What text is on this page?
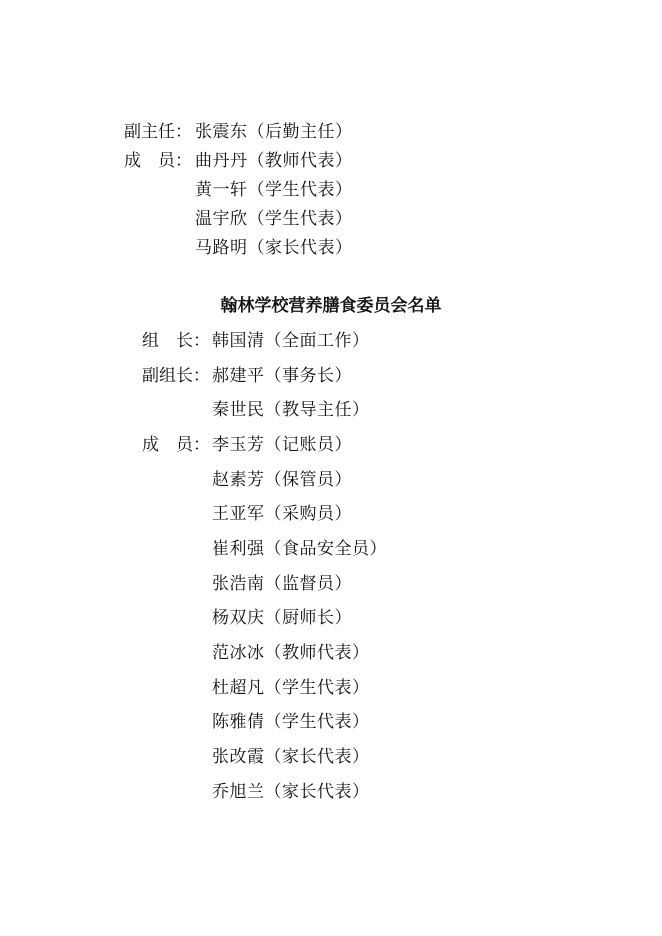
副主任： 张震东（后勤主任）
成　员： 曲丹丹（教师代表）
黄一轩（学生代表）
温宇欣（学生代表）
马路明（家长代表）
翰林学校营养膳食委员会名单
组　长： 韩国清（全面工作）
副组长： 郝建平（事务长）
秦世民（教导主任）
成　员： 李玉芳（记账员）
赵素芳（保管员）
王亚军（采购员）
崔利强（食品安全员）
张浩南（监督员）
杨双庆（厨师长）
范冰冰（教师代表）
杜超凡（学生代表）
陈雅倩（学生代表）
张改霞（家长代表）
乔旭兰（家长代表）
